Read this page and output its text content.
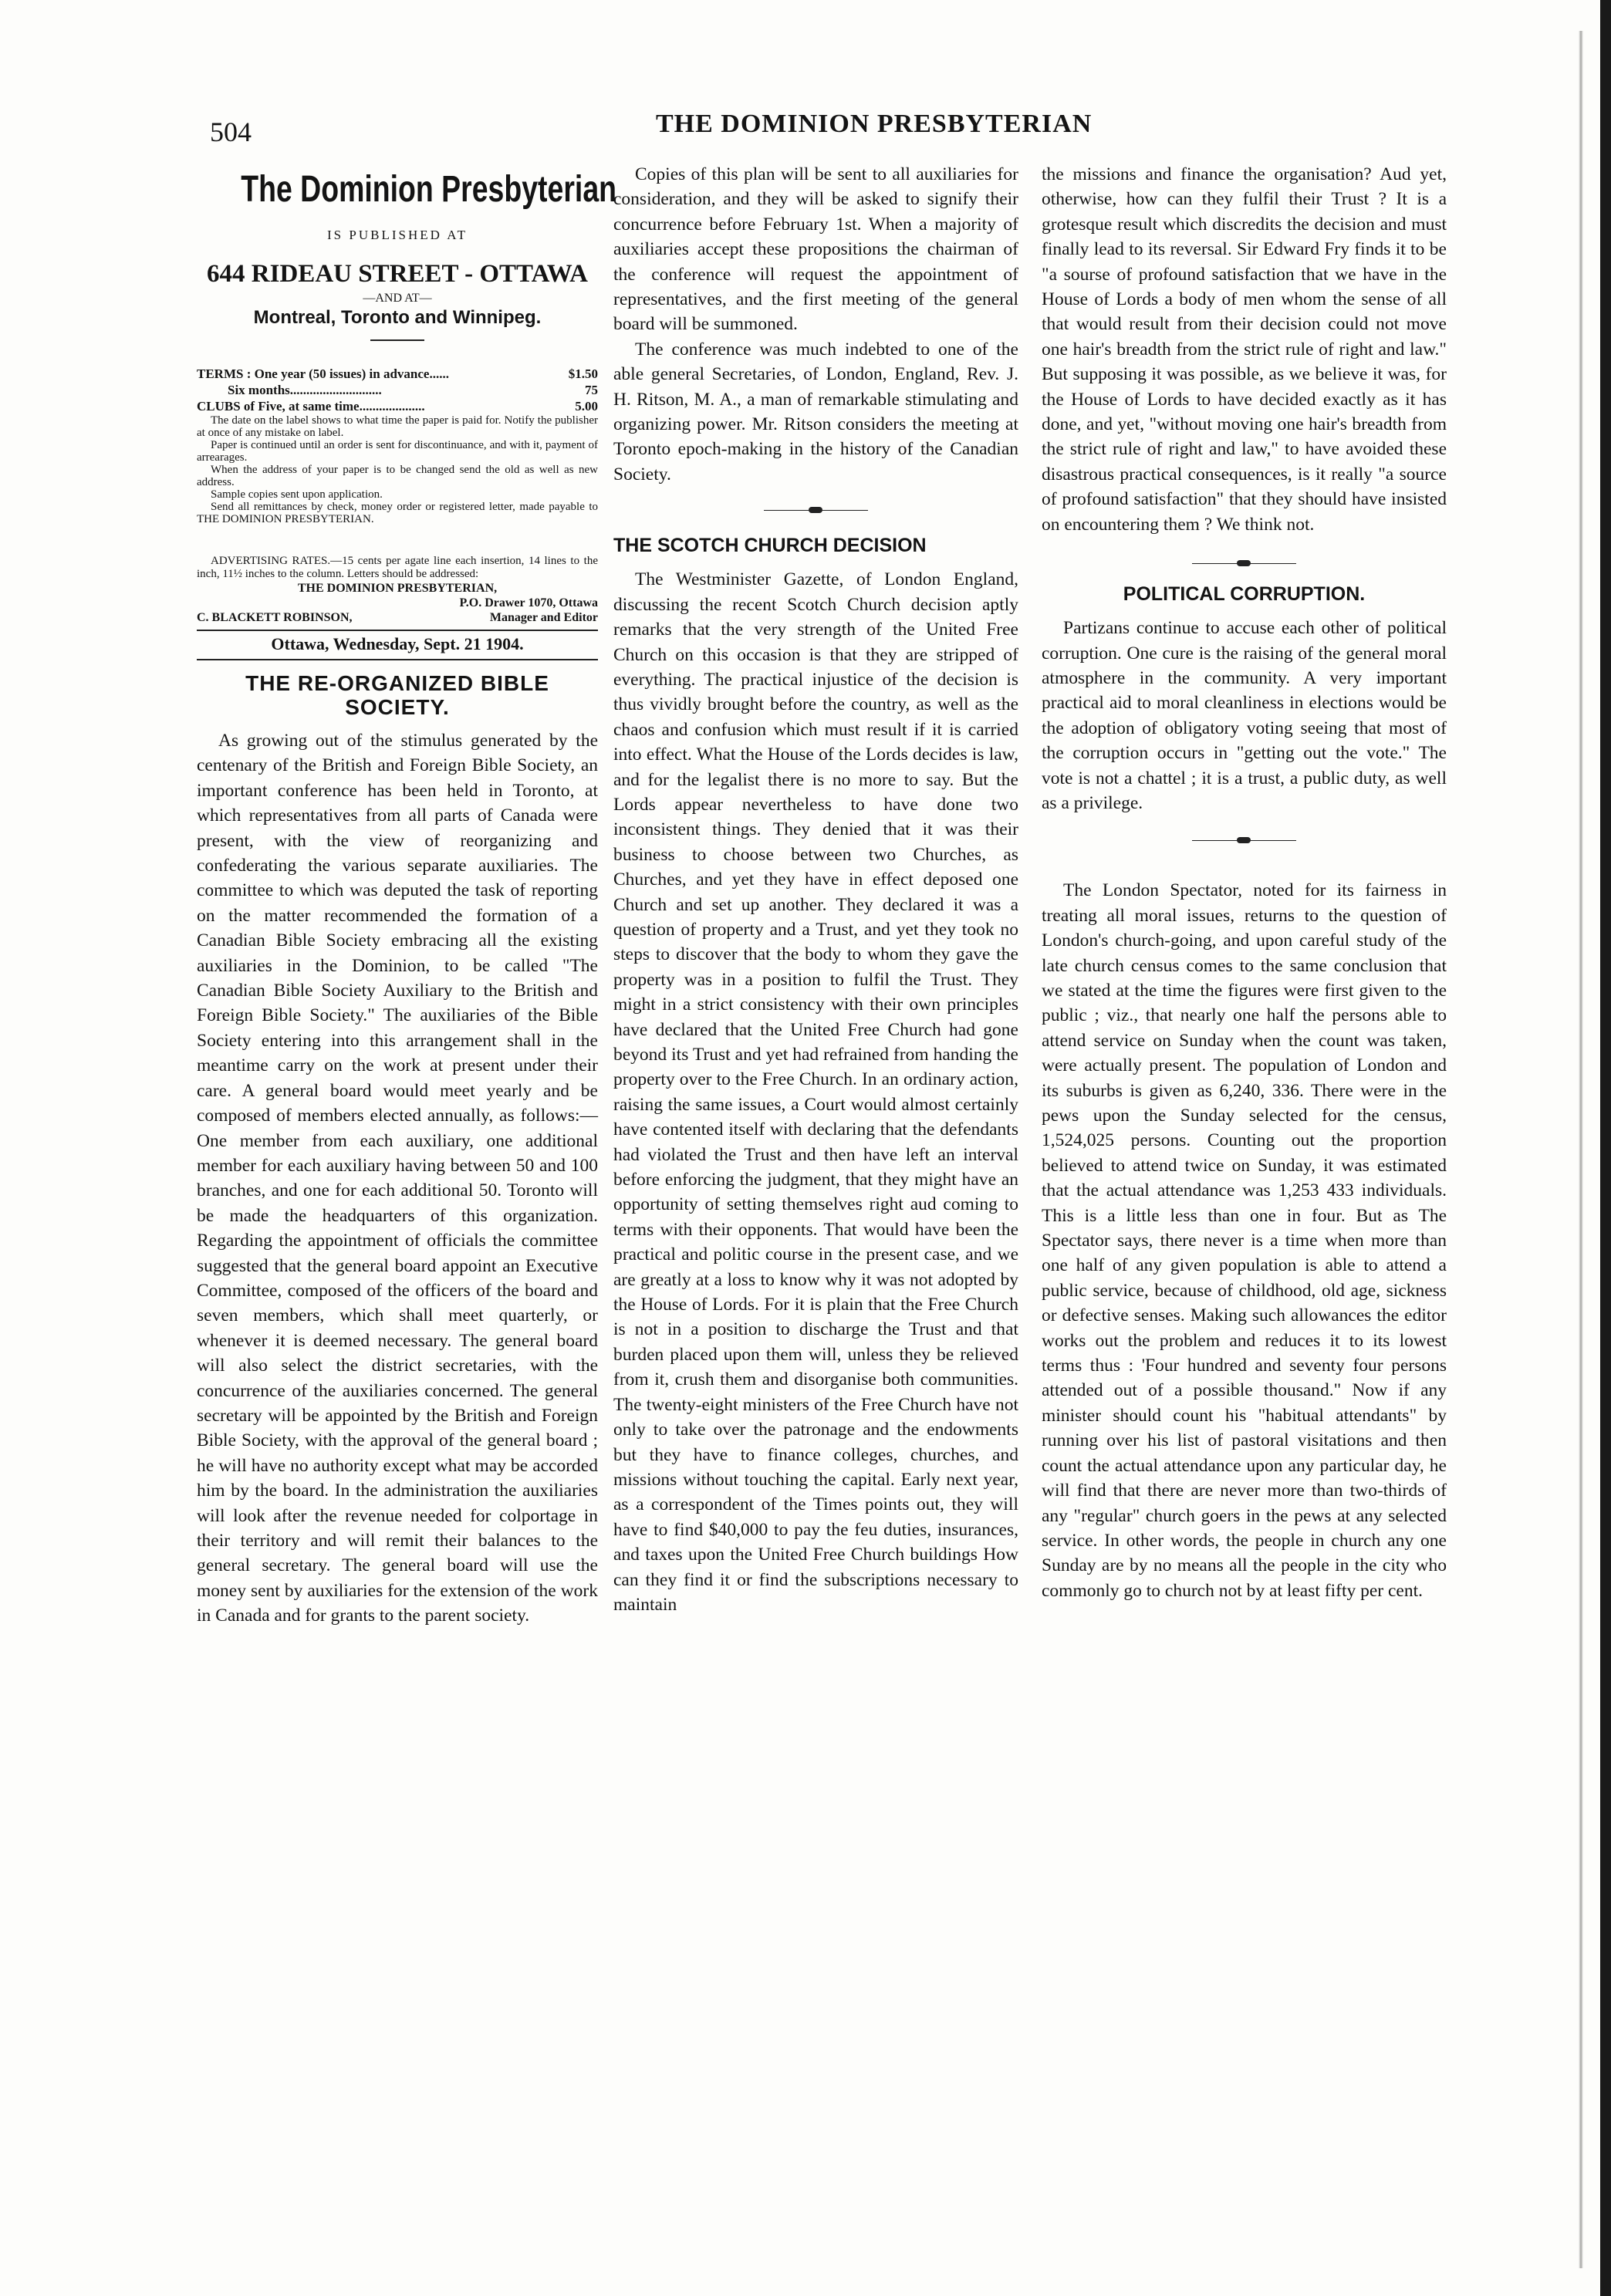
504	THE DOMINION PRESBYTERIAN
The Dominion Presbyterian
IS PUBLISHED AT
644 RIDEAU STREET - OTTAWA
—AND AT—
Montreal, Toronto and Winnipeg.
TERMS : One year (50 issues) in advance......	$1.50
Six months............................	75
CLUBS of Five, at same time....................	5.00

The date on the label shows to what time the paper is paid for. Notify the publisher at once of any mistake on label.

Paper is continued until an order is sent for discontinuance, and with it, payment of arrearages.

When the address of your paper is to be changed send the old as well as new address.

Sample copies sent upon application.

Send all remittances by check, money order or registered letter, made payable to THE DOMINION PRESBYTERIAN.

ADVERTISING RATES.—15 cents per agate line each insertion, 14 lines to the inch, 11½ inches to the column. Letters should be addressed:

THE DOMINION PRESBYTERIAN,
P.O. Drawer 1070, Ottawa
C. BLACKETT ROBINSON,	Manager and Editor
Ottawa, Wednesday, Sept. 21 1904.
THE RE-ORGANIZED BIBLE SOCIETY.

As growing out of the stimulus generated by the centenary of the British and Foreign Bible Society, an important conference has been held in Toronto, at which representatives from all parts of Canada were present, with the view of reorganizing and confederating the various separate auxiliaries. The committee to which was deputed the task of reporting on the matter recommended the formation of a Canadian Bible Society embracing all the existing auxiliaries in the Dominion, to be called "The Canadian Bible Society Auxiliary to the British and Foreign Bible Society." The auxiliaries of the Bible Society entering into this arrangement shall in the meantime carry on the work at present under their care. A general board would meet yearly and be composed of members elected annually, as follows:—One member from each auxiliary, one additional member for each auxiliary having between 50 and 100 branches, and one for each additional 50. Toronto will be made the headquarters of this organization. Regarding the appointment of officials the committee suggested that the general board appoint an Executive Committee, composed of the officers of the board and seven members, which shall meet quarterly, or whenever it is deemed necessary. The general board will also select the district secretaries, with the concurrence of the auxiliaries concerned. The general secretary will be appointed by the British and Foreign Bible Society, with the approval of the general board ; he will have no authority except what may be accorded him by the board. In the administration the auxiliaries will look after the revenue needed for colportage in their territory and will remit their balances to the general secretary. The general board will use the money sent by auxiliaries for the extension of the work in Canada and for grants to the parent society.

Copies of this plan will be sent to all auxiliaries for consideration, and they will be asked to signify their concurrence before February 1st. When a majority of auxiliaries accept these propositions the chairman of the conference will request the appointment of representatives, and the first meeting of the general board will be summoned.

The conference was much indebted to one of the able general Secretaries, of London, England, Rev. J. H. Ritson, M. A., a man of remarkable stimulating and organizing power. Mr. Ritson considers the meeting at Toronto epoch-making in the history of the Canadian Society.

THE SCOTCH CHURCH DECISION

The Westminister Gazette, of London England, discussing the recent Scotch Church decision aptly remarks that the very strength of the United Free Church on this occasion is that they are stripped of everything. The practical injustice of the decision is thus vividly brought before the country, as well as the chaos and confusion which must result if it is carried into effect. What the House of the Lords decides is law, and for the legalist there is no more to say. But the Lords appear nevertheless to have done two inconsistent things. They denied that it was their business to choose between two Churches, as Churches, and yet they have in effect deposed one Church and set up another. They declared it was a question of property and a Trust, and yet they took no steps to discover that the body to whom they gave the property was in a position to fulfil the Trust. They might in a strict consistency with their own principles have declared that the United Free Church had gone beyond its Trust and yet had refrained from handing the property over to the Free Church. In an ordinary action, raising the same issues, a Court would almost certainly have contented itself with declaring that the defendants had violated the Trust and then have left an interval before enforcing the judgment, that they might have an opportunity of setting themselves right aud coming to terms with their opponents. That would have been the practical and politic course in the present case, and we are greatly at a loss to know why it was not adopted by the House of Lords. For it is plain that the Free Church is not in a position to discharge the Trust and that burden placed upon them will, unless they be relieved from it, crush them and disorganise both communities. The twenty-eight ministers of the Free Church have not only to take over the patronage and the endowments but they have to finance colleges, churches, and missions without touching the capital. Early next year, as a correspondent of the Times points out, they will have to find $40,000 to pay the feu duties, insurances, and taxes upon the United Free Church buildings How can they find it or find the subscriptions necessary to maintain

the missions and finance the organisation? Aud yet, otherwise, how can they fulfil their Trust ? It is a grotesque result which discredits the decision and must finally lead to its reversal. Sir Edward Fry finds it to be "a sourse of profound satisfaction that we have in the House of Lords a body of men whom the sense of all that would result from their decision could not move one hair's breadth from the strict rule of right and law." But supposing it was possible, as we believe it was, for the House of Lords to have decided exactly as it has done, and yet, "without moving one hair's breadth from the strict rule of right and law," to have avoided these disastrous practical consequences, is it really "a source of profound satisfaction" that they should have insisted on encountering them ? We think not.

POLITICAL CORRUPTION.

Partizans continue to accuse each other of political corruption. One cure is the raising of the general moral atmosphere in the community. A very important practical aid to moral cleanliness in elections would be the adoption of obligatory voting seeing that most of the corruption occurs in "getting out the vote." The vote is not a chattel ; it is a trust, a public duty, as well as a privilege.

The London Spectator, noted for its fairness in treating all moral issues, returns to the question of London's church-going, and upon careful study of the late church census comes to the same conclusion that we stated at the time the figures were first given to the public ; viz., that nearly one half the persons able to attend service on Sunday when the count was taken, were actually present. The population of London and its suburbs is given as 6,240, 336. There were in the pews upon the Sunday selected for the census, 1,524,025 persons. Counting out the proportion believed to attend twice on Sunday, it was estimated that the actual attendance was 1,253 433 individuals. This is a little less than one in four. But as The Spectator says, there never is a time when more than one half of any given population is able to attend a public service, because of childhood, old age, sickness or defective senses. Making such allowances the editor works out the problem and reduces it to its lowest terms thus : 'Four hundred and seventy four persons attended out of a possible thousand." Now if any minister should count his "habitual attendants" by running over his list of pastoral visitations and then count the actual attendance upon any particular day, he will find that there are never more than two-thirds of any "regular" church goers in the pews at any selected service. In other words, the people in church any one Sunday are by no means all the people in the city who commonly go to church not by at least fifty per cent.
